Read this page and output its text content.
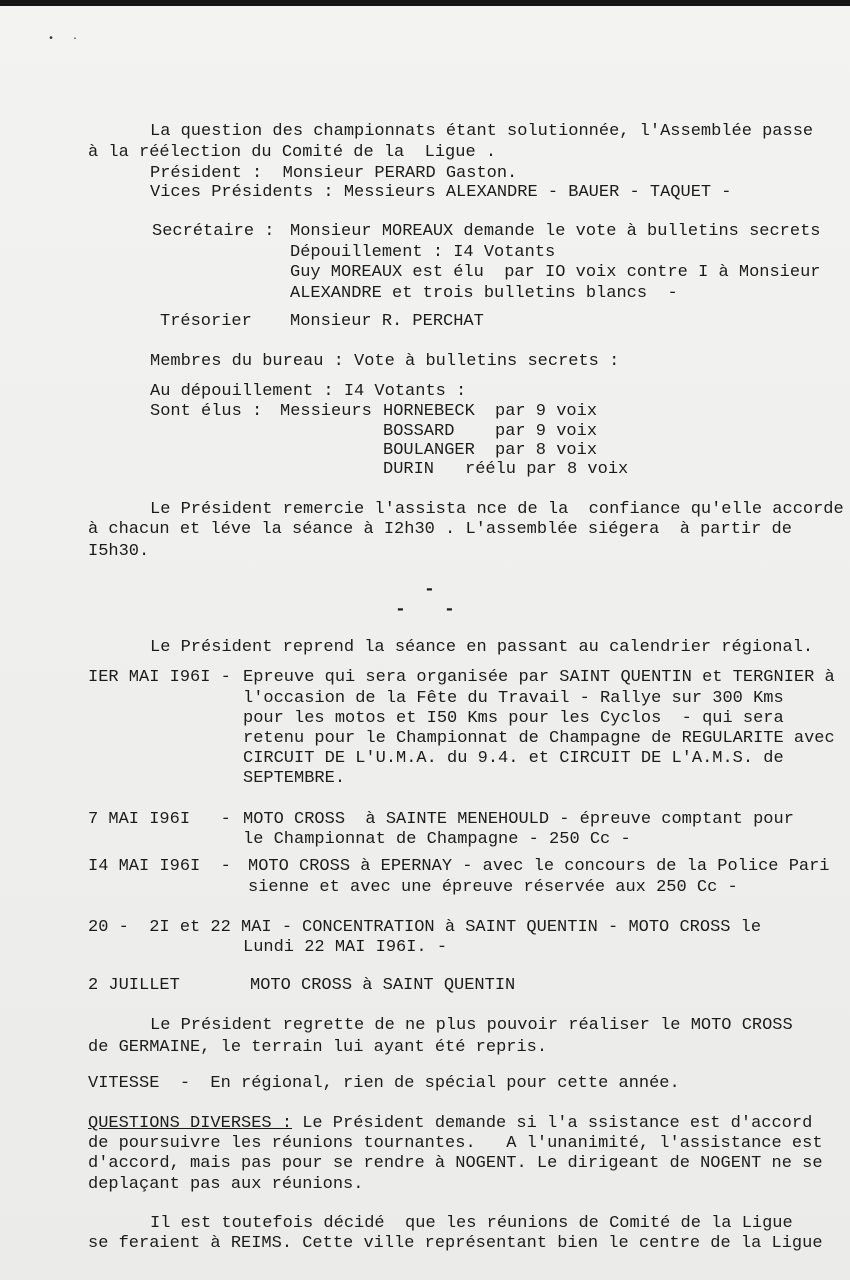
• ·
La question des championnats étant solutionnée, l'Assemblée passe
à la réélection du Comité de la  Ligue .
Président :  Monsieur PERARD Gaston.
Vices Présidents : Messieurs ALEXANDRE - BAUER - TAQUET -
Secrétaire : Monsieur MOREAUX demande le vote à bulletins secrets
Dépouillement : I4 Votants
Guy MOREAUX est élu  par IO voix contre I à Monsieur
ALEXANDRE et trois bulletins blancs  -
Trésorier Monsieur R. PERCHAT
Membres du bureau : Vote à bulletins secrets :
Au dépouillement : I4 Votants :
Sont élus : Messieurs HORNEBECK par 9 voix
BOSSARD par 9 voix
BOULANGER par 8 voix
DURIN réélu par 8 voix
Le Président remercie l'assista nce de la  confiance qu'elle accorde
à chacun et léve la séance à I2h30 . L'assemblée siégera  à partir de
I5h30.
-
- -
Le Président reprend la séance en passant au calendrier régional.
IER MAI I96I - Epreuve qui sera organisée par SAINT QUENTIN et TERGNIER à
l'occasion de la Fête du Travail - Rallye sur 300 Kms
pour les motos et I50 Kms pour les Cyclos  - qui sera
retenu pour le Championnat de Champagne de REGULARITE avec
CIRCUIT DE L'U.M.A. du 9.4. et CIRCUIT DE L'A.M.S. de
SEPTEMBRE.
7 MAI I96I   - MOTO CROSS  à SAINTE MENEHOULD - épreuve comptant pour
le Championnat de Champagne - 250 Cc -
I4 MAI I96I  - MOTO CROSS à EPERNAY - avec le concours de la Police Pari
sienne et avec une épreuve réservée aux 250 Cc -
20 -  2I et 22 MAI - CONCENTRATION à SAINT QUENTIN - MOTO CROSS le
Lundi 22 MAI I96I. -
2 JUILLET	MOTO CROSS à SAINT QUENTIN
Le Président regrette de ne plus pouvoir réaliser le MOTO CROSS
de GERMAINE, le terrain lui ayant été repris.
VITESSE  -  En régional, rien de spécial pour cette année.
QUESTIONS DIVERSES : Le Président demande si l'a ssistance est d'accord
de poursuivre les réunions tournantes.   A l'unanimité, l'assistance est
d'accord, mais pas pour se rendre à NOGENT. Le dirigeant de NOGENT ne se
deplaçant pas aux réunions.
Il est toutefois décidé  que les réunions de Comité de la Ligue
se feraient à REIMS. Cette ville représentant bien le centre de la Ligue
